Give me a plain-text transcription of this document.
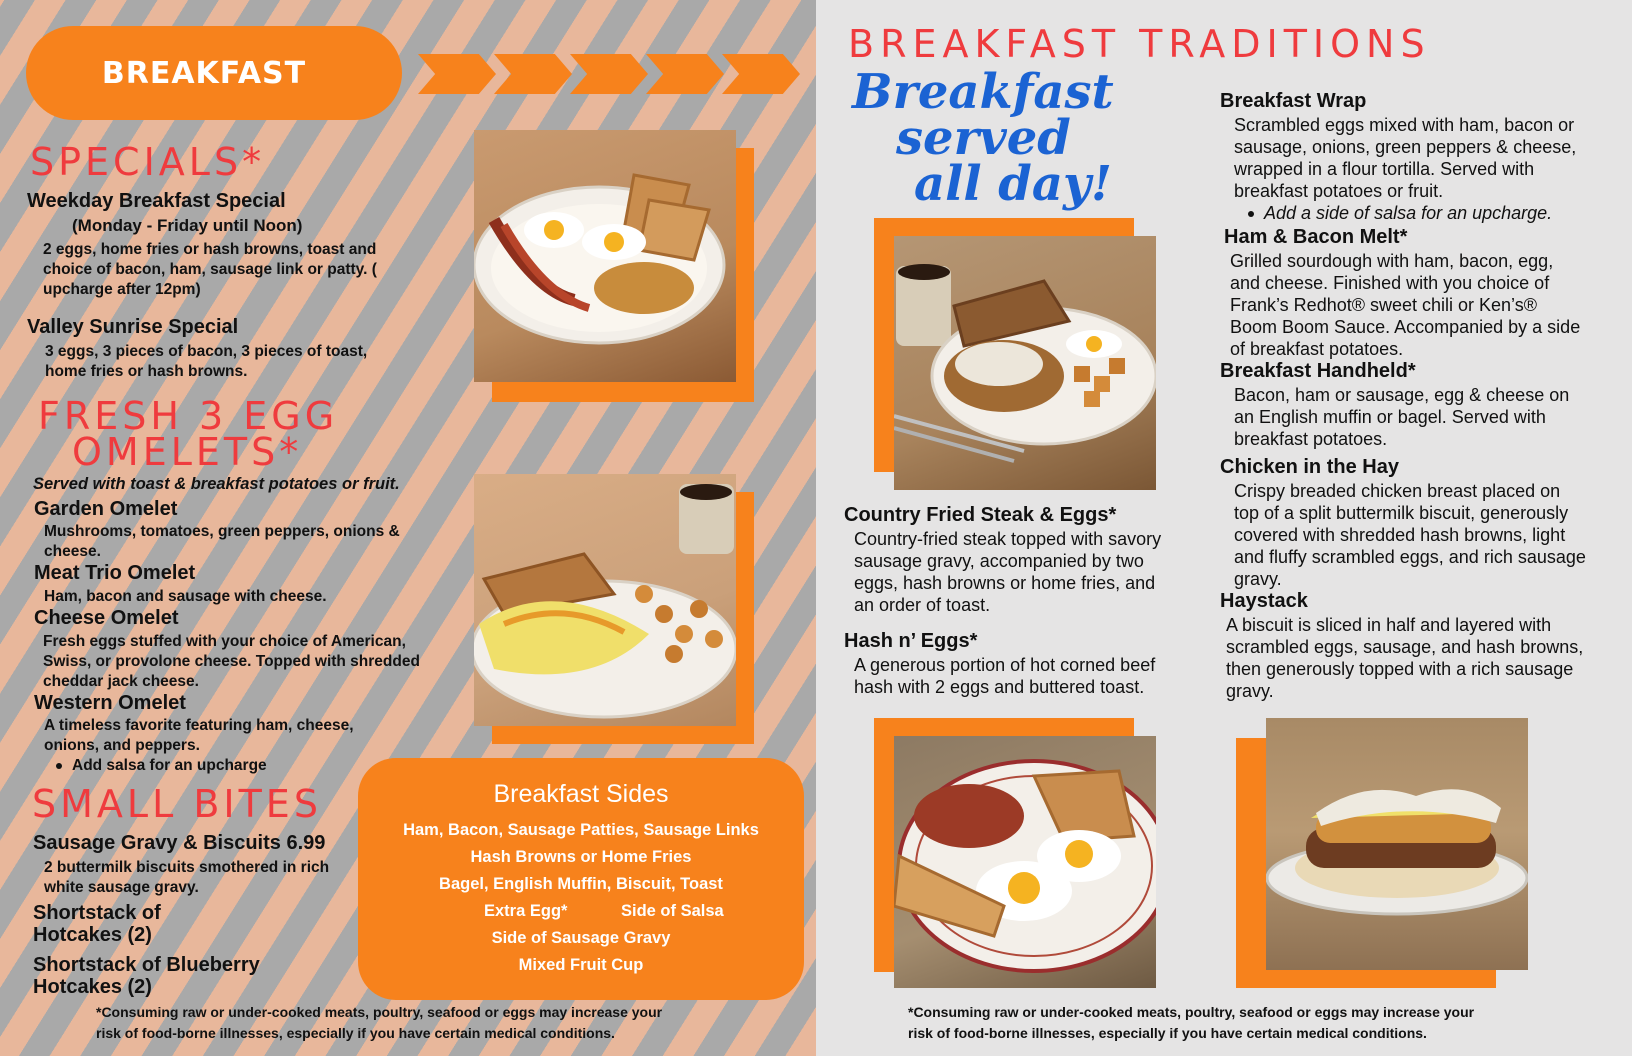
BREAKFAST
SPECIALS*
Weekday Breakfast Special
(Monday - Friday until Noon)
2 eggs, home fries or hash browns, toast and choice of bacon, ham, sausage link or patty. ( upcharge after 12pm)
Valley Sunrise Special
3 eggs, 3 pieces of bacon, 3 pieces of toast, home fries or hash browns.
FRESH 3 EGG
OMELETS*
Served with toast & breakfast potatoes or fruit.
Garden Omelet
Mushrooms, tomatoes, green peppers, onions & cheese.
Meat Trio Omelet
Ham, bacon and sausage with cheese.
Cheese Omelet
Fresh eggs stuffed with your choice of American, Swiss, or provolone cheese. Topped with shredded cheddar jack cheese.
Western Omelet
A timeless favorite featuring ham, cheese, onions, and peppers.
Add salsa for an upcharge
SMALL BITES
Sausage Gravy & Biscuits 6.99
2 buttermilk biscuits smothered in rich white sausage gravy.
Shortstack of
Hotcakes (2)
Shortstack of Blueberry
Hotcakes (2)
Breakfast Sides
Ham, Bacon, Sausage Patties, Sausage Links
Hash Browns or Home Fries
Bagel, English Muffin, Biscuit, Toast
Extra Egg*	Side of Salsa
Side of Sausage Gravy
Mixed Fruit Cup
*Consuming raw or under-cooked meats, poultry, seafood or eggs may increase your
risk of food-borne illnesses, especially if you have certain medical conditions.
BREAKFAST TRADITIONS
Breakfast
served
all day!
Country Fried Steak & Eggs*
Country-fried steak topped with savory sausage gravy, accompanied by two eggs, hash browns or home fries, and an order of toast.
Hash n’ Eggs*
A generous portion of hot corned beef hash with 2 eggs and buttered toast.
Breakfast Wrap
Scrambled eggs mixed with ham, bacon or sausage, onions, green peppers & cheese, wrapped in a flour tortilla. Served with breakfast potatoes or fruit.
Add a side of salsa for an upcharge.
Ham & Bacon Melt*
Grilled sourdough with ham, bacon, egg, and cheese. Finished with you choice of Frank’s Redhot® sweet chili or Ken’s® Boom Boom Sauce. Accompanied by a side of breakfast potatoes.
Breakfast Handheld*
Bacon, ham or sausage, egg & cheese on an English muffin or bagel. Served with breakfast potatoes.
Chicken in the Hay
Crispy breaded chicken breast placed on top of a split buttermilk biscuit, generously covered with shredded hash browns, light and fluffy scrambled eggs, and rich sausage gravy.
Haystack
A biscuit is sliced in half and layered with scrambled eggs, sausage, and hash browns, then generously topped with a rich sausage gravy.
*Consuming raw or under-cooked meats, poultry, seafood or eggs may increase your
risk of food-borne illnesses, especially if you have certain medical conditions.
